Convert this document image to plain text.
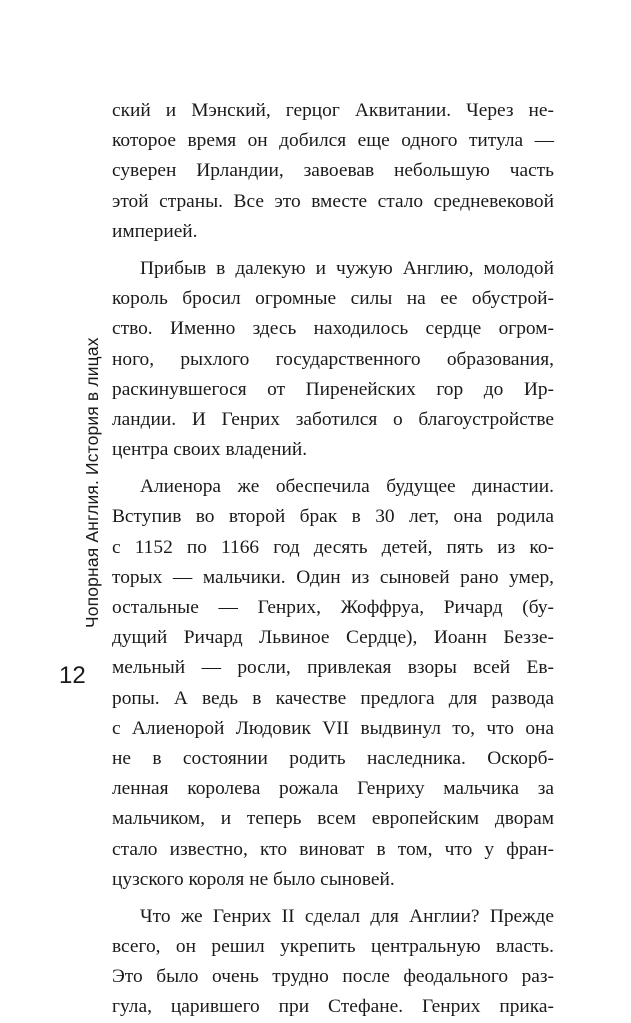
Чопорная Англия. История в лицах
12
ский и Мэнский, герцог Аквитании. Через не-
которое время он добился еще одного титула —
суверен Ирландии, завоевав небольшую часть
этой страны. Все это вместе стало средневековой
империей.
Прибыв в далекую и чужую Англию, молодой
король бросил огромные силы на ее обустрой-
ство. Именно здесь находилось сердце огром-
ного, рыхлого государственного образования,
раскинувшегося от Пиренейских гор до Ир-
ландии. И Генрих заботился о благоустройстве
центра своих владений.
Алиенора же обеспечила будущее династии.
Вступив во второй брак в 30 лет, она родила
с 1152 по 1166 год десять детей, пять из ко-
торых — мальчики. Один из сыновей рано умер,
остальные — Генрих, Жоффруа, Ричард (бу-
дущий Ричард Львиное Сердце), Иоанн Беззе-
мельный — росли, привлекая взоры всей Ев-
ропы. А ведь в качестве предлога для развода
с Алиенорой Людовик VII выдвинул то, что она
не в состоянии родить наследника. Оскорб-
ленная королева рожала Генриху мальчика за
мальчиком, и теперь всем европейским дворам
стало известно, кто виноват в том, что у фран-
цузского короля не было сыновей.
Что же Генрих II сделал для Англии? Прежде
всего, он решил укрепить центральную власть.
Это было очень трудно после феодального раз-
гула, царившего при Стефане. Генрих прика-
